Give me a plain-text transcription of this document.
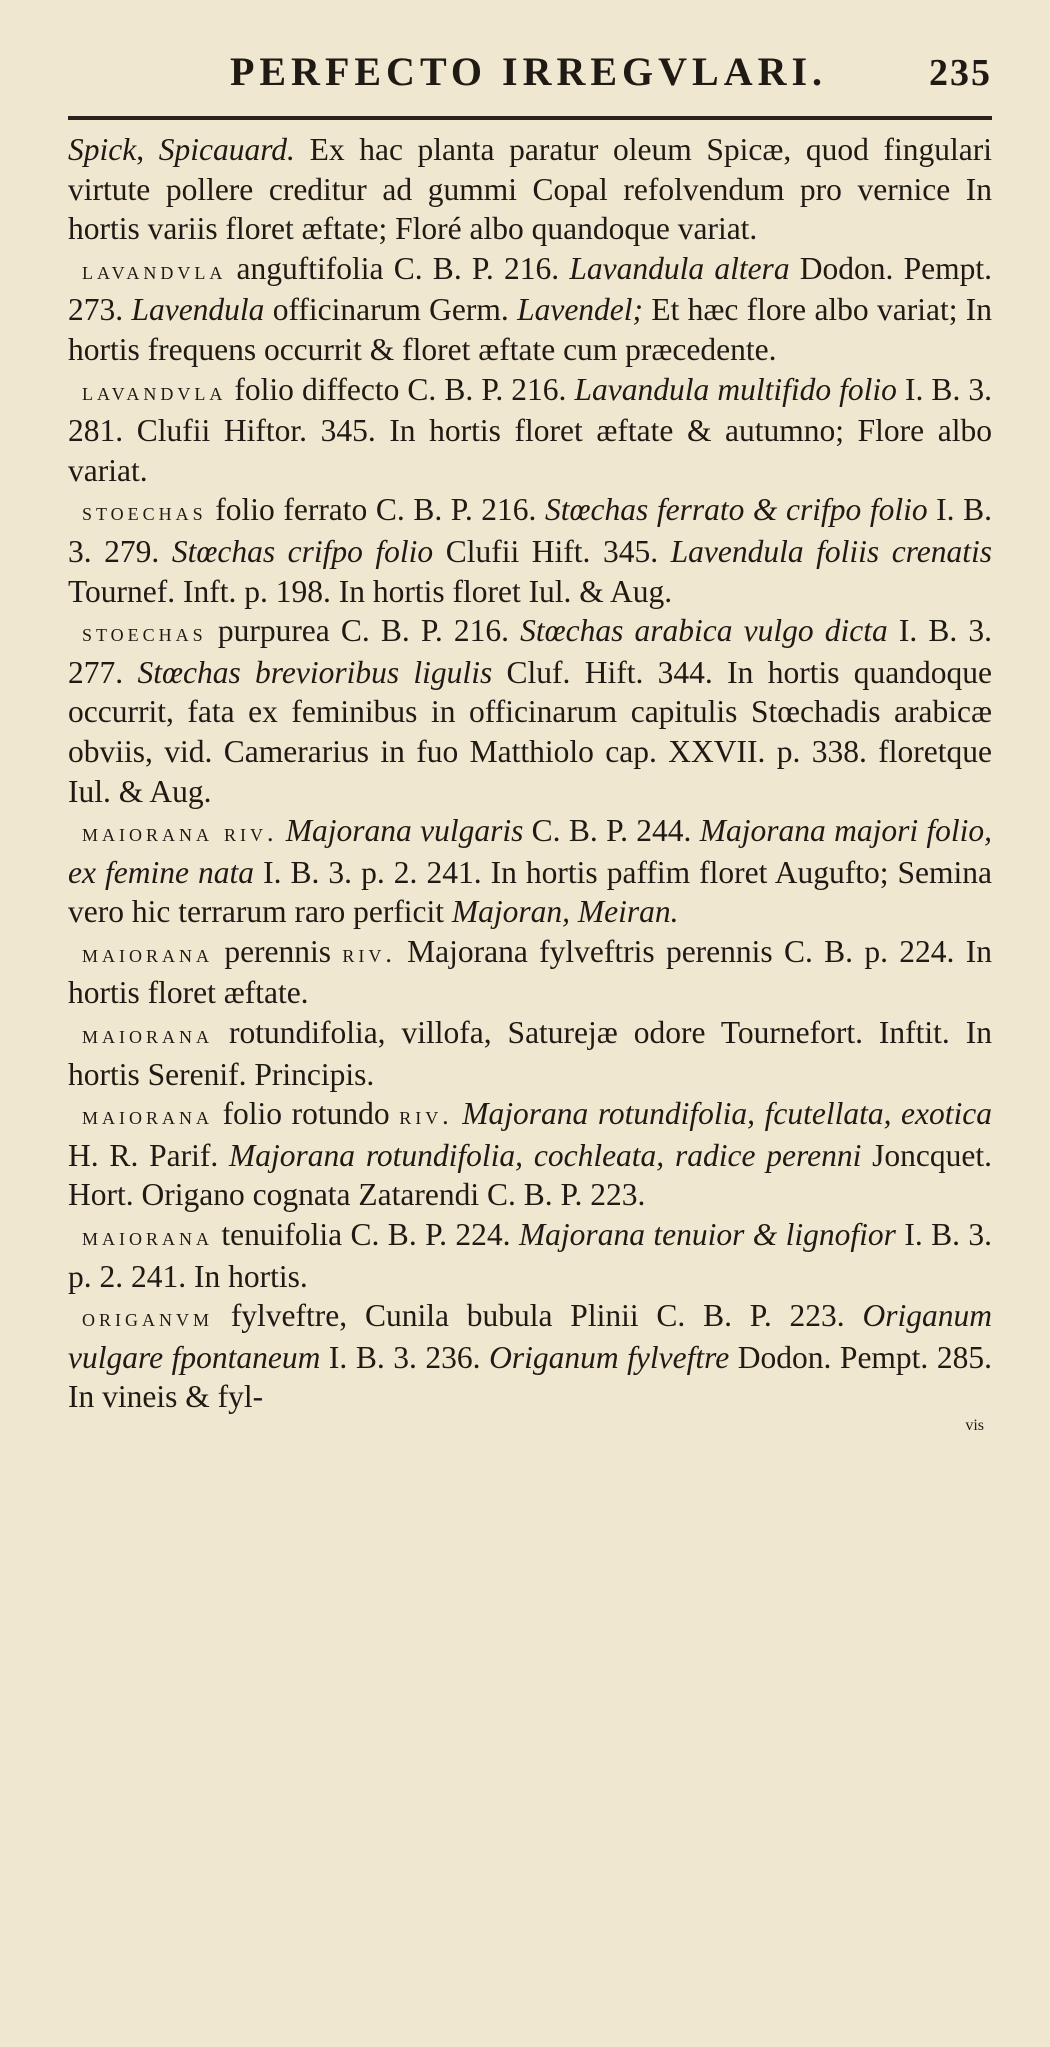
PERFECTO IRREGVLARI.	235

Spick, Spicauard. Ex hac planta paratur oleum Spicæ, quod fingulari virtute pollere creditur ad gummi Copal refolvendum pro vernice In hortis variis floret æftate; Floré albo quandoque variat.

lavandvla anguftifolia C. B. P. 216. Lavandula altera Dodon. Pempt. 273. Lavendula officinarum Germ. Lavendel; Et hæc flore albo variat; In hortis frequens occurrit & floret æftate cum præcedente.

lavandvla folio diffecto C. B. P. 216. Lavandula multifido folio I. B. 3. 281. Clufii Hiftor. 345. In hortis floret æftate & autumno; Flore albo variat.

stoechas folio ferrato C. B. P. 216. Stœchas ferrato & crifpo folio I. B. 3. 279. Stœchas crifpo folio Clufii Hift. 345. Lavendula foliis crenatis Tournef. Inft. p. 198. In hortis floret Iul. & Aug.

stoechas purpurea C. B. P. 216. Stœchas arabica vulgo dicta I. B. 3. 277. Stœchas brevioribus ligulis Cluf. Hift. 344. In hortis quandoque occurrit, fata ex feminibus in officinarum capitulis Stœchadis arabicæ obviis, vid. Camerarius in fuo Matthiolo cap. XXVII. p. 338. floretque Iul. & Aug.

maiorana riv. Majorana vulgaris C. B. P. 244. Majorana majori folio, ex femine nata I. B. 3. p. 2. 241. In hortis paffim floret Augufto; Semina vero hic terrarum raro perficit Majoran, Meiran.

maiorana perennis riv. Majorana fylveftris perennis C. B. p. 224. In hortis floret æftate.

maiorana rotundifolia, villofa, Saturejæ odore Tournefort. Inftit. In hortis Serenif. Principis.

maiorana folio rotundo riv. Majorana rotundifolia, fcutellata, exotica H. R. Parif. Majorana rotundifolia, cochleata, radice perenni Joncquet. Hort. Origano cognata Zatarendi C. B. P. 223.

maiorana tenuifolia C. B. P. 224. Majorana tenuior & lignofior I. B. 3. p. 2. 241. In hortis.

origanvm fylveftre, Cunila bubula Plinii C. B. P. 223. Origanum vulgare fpontaneum I. B. 3. 236. Origanum fylveftre Dodon. Pempt. 285. In vineis & fyl-

vis
